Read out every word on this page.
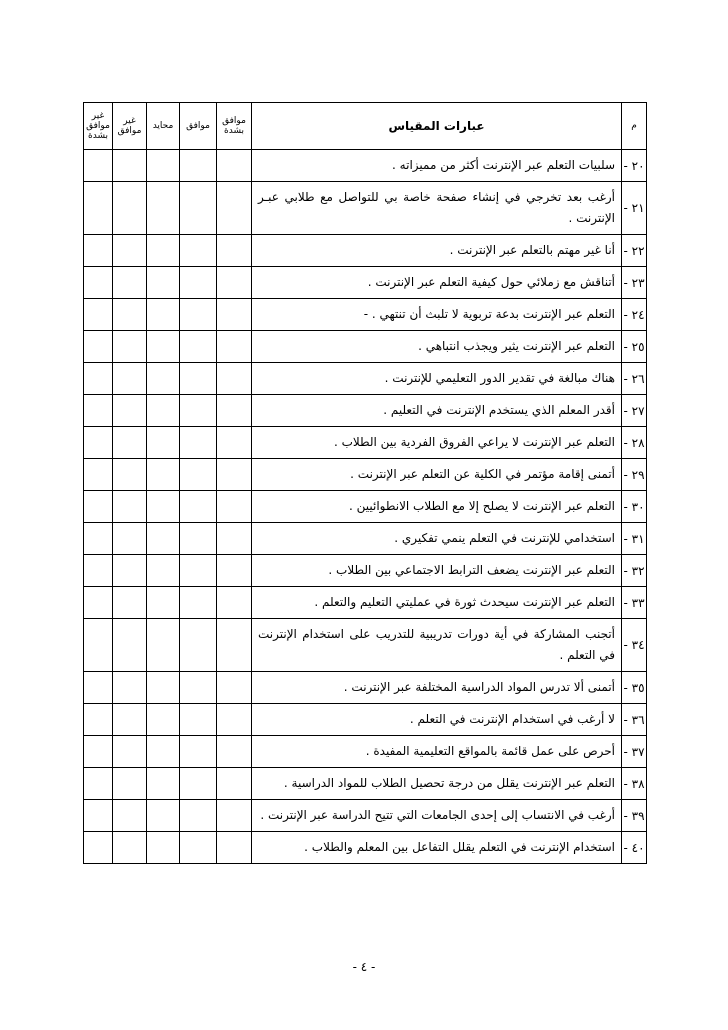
م	عبارات المقياس	موافق بشدة	موافق	محايد	غير موافق	غير موافق بشدة
٢٠ -	سلبيات التعلم عبر الإنترنت أكثر من مميزاته .					
٢١ -	أرغب بعد تخرجي في إنشاء صفحة خاصة بي للتواصل مع طلابي عبـر الإنترنت .					
٢٢ -	أنا غير مهتم بالتعلم عبر الإنترنت .					
٢٣ -	أتناقش مع زملائي حول كيفية التعلم عبر الإنترنت .					
٢٤ -	التعلم عبر الإنترنت بدعة تربوية لا تلبث أن تنتهي . -					
٢٥ -	التعلم عبر الإنترنت يثير ويجذب انتباهي .					
٢٦ -	هناك مبالغة في تقدير الدور التعليمي للإنترنت .					
٢٧ -	أقدر المعلم الذي يستخدم الإنترنت في التعليم .					
٢٨ -	التعلم عبر الإنترنت لا يراعي الفروق الفردية بين الطلاب .					
٢٩ -	أتمنى إقامة مؤتمر في الكلية عن التعلم عبر الإنترنت .					
٣٠ -	التعلم عبر الإنترنت لا يصلح إلا مع الطلاب الانطوائيين .					
٣١ -	استخدامي للإنترنت في التعلم ينمي تفكيري .					
٣٢ -	التعلم عبر الإنترنت يضعف الترابط الاجتماعي بين الطلاب .					
٣٣ -	التعلم عبر الإنترنت سيحدث ثورة في عمليتي التعليم والتعلم .					
٣٤ -	أتجنب المشاركة في أية دورات تدريبية للتدريب على استخدام الإنترنت في التعلم .					
٣٥ -	أتمنى ألا تدرس المواد الدراسية المختلفة عبر الإنترنت .					
٣٦ -	لا أرغب في استخدام الإنترنت في التعلم .					
٣٧ -	أحرص على عمل قائمة بالمواقع التعليمية المفيدة .					
٣٨ -	التعلم عبر الإنترنت يقلل من درجة تحصيل الطلاب للمواد الدراسية .					
٣٩ -	أرغب في الانتساب إلى إحدى الجامعات التي تتيح الدراسة عبر الإنترنت .					
٤٠ -	استخدام الإنترنت في التعلم يقلل التفاعل بين المعلم والطلاب .					
- ٤ -
